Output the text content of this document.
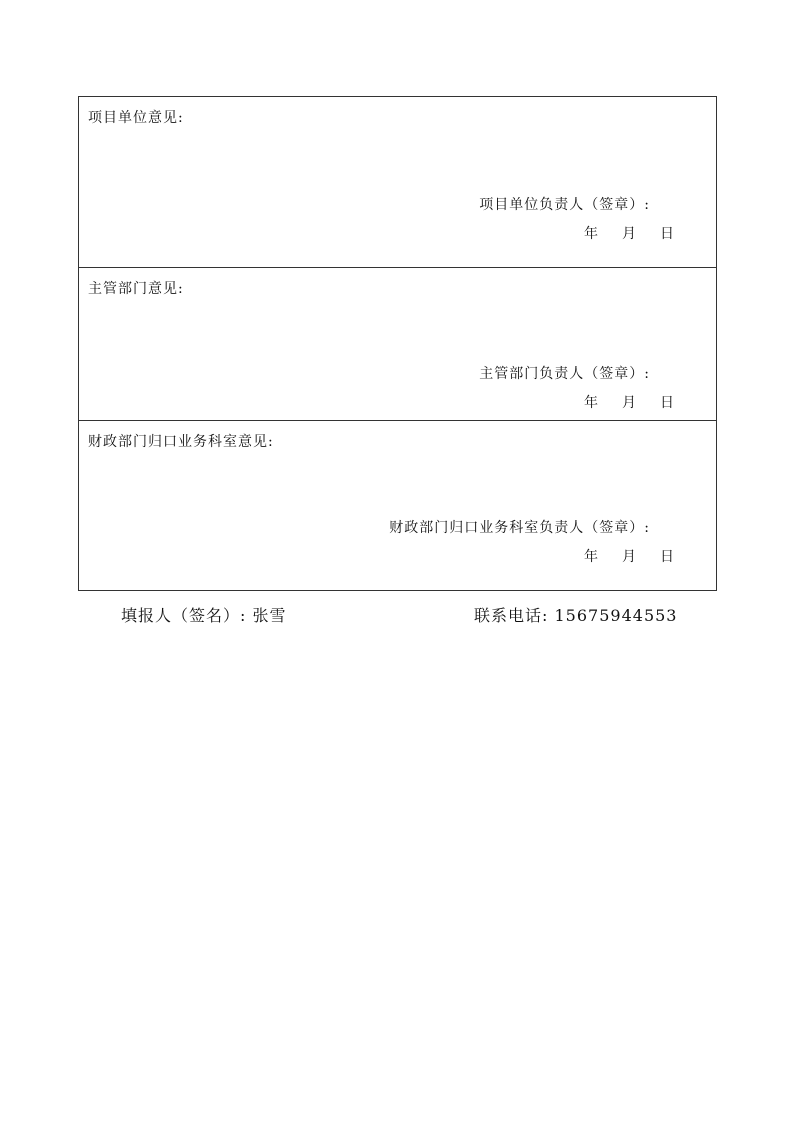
项目单位意见:
项目单位负责人（签章）:
年 月 日
主管部门意见:
主管部门负责人（签章）:
年 月 日
财政部门归口业务科室意见:
财政部门归口业务科室负责人（签章）:
年 月 日
填报人（签名）: 张雪	联系电话: 15675944553
